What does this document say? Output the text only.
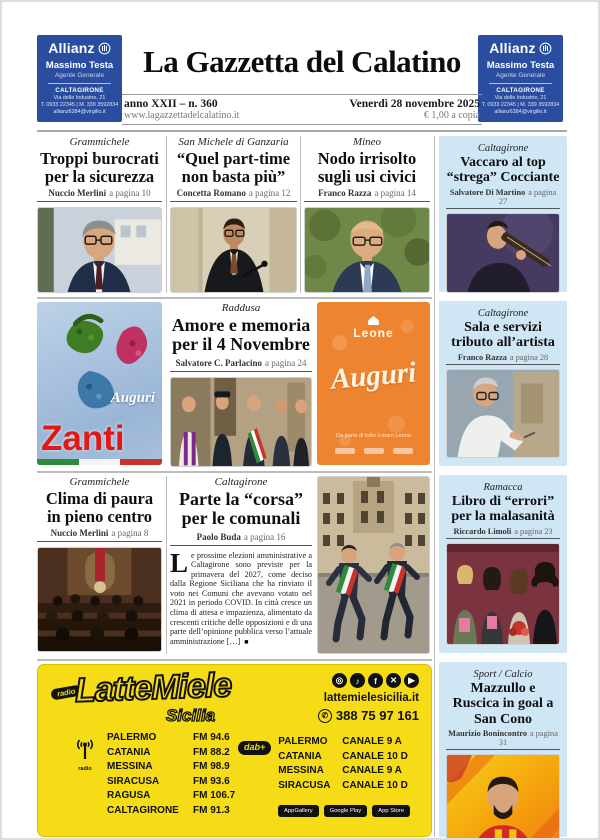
Allianz
Massimo Testa
Agente Generale
CALTAGIRONE
Via delle Industrie, 21
T. 0933 22345 | M. 339 3592834
allianz6384@virgilio.it
La Gazzetta del Calatino	Allianz
Massimo Testa
Agente Generale
CALTAGIRONE
Via delle Industrie, 21
T. 0933 22345 | M. 339 3592834
allianz6384@virgilio.it
anno XXII – n. 360
www.lagazzettadelcalatino.it
Venerdì 28 novembre 2025
€ 1,00 a copia
Grammichele
Troppi burocrati per la sicurezza
Nuccio Merlini a pagina 10
San Michele di Ganzaria
“Quel part-time non basta più”
Concetta Romano a pagina 12
Mineo
Nodo irrisolto sugli usi civici
Franco Razza a pagina 14
Auguri
Zanti
Raddusa
Amore e memoria per il 4 Novembre
Salvatore C. Parlacino a pagina 24
Leone
Auguri
Da parte di tutto il team Leone
Grammichele
Clima di paura in pieno centro
Nuccio Merlini a pagina 8
Caltagirone
Parte la “corsa” per le comunali
Paolo Buda a pagina 16

Le prossime elezioni amministrative a Caltagirone sono previste per la primavera del 2027, come deciso dalla Regione Siciliana che ha rinviato il voto nei Comuni che avevano votato nel 2021 in periodo COVID. In città cresce un clima di attesa e impazienza, alimentato da crescenti critiche delle opposizioni e di una parte dell’opinione pubblica verso l’attuale amministrazione […] ■

Caltagirone
Vaccaro al top “strega” Cocciante
Salvatore Di Martino a pagina 27
Caltagirone
Sala e servizi tributo all’artista
Franco Razza a pagina 28
Ramacca
Libro di “errori” per la malasanità
Riccardo Limoli a pagina 23
Sport / Calcio
Mazzullo e Ruscica in goal a San Cono
Maurizio Bonincontro a pagina 31
radio
LatteMiele
Sicilia
◎	♪	f	✕	▶
lattemielesicilia.it
✆ 388 75 97 161
radio
PALERMO	FM 94.6
CATANIA	FM 88.2
MESSINA	FM 98.9
SIRACUSA	FM 93.6
RAGUSA	FM 106.7
CALTAGIRONE	FM 91.3
dab+	PALERMO	CANALE 9 A
CATANIA	CANALE 10 D
MESSINA	CANALE 9 A
SIRACUSA	CANALE 10 D
AppGallery	Google Play	App Store
